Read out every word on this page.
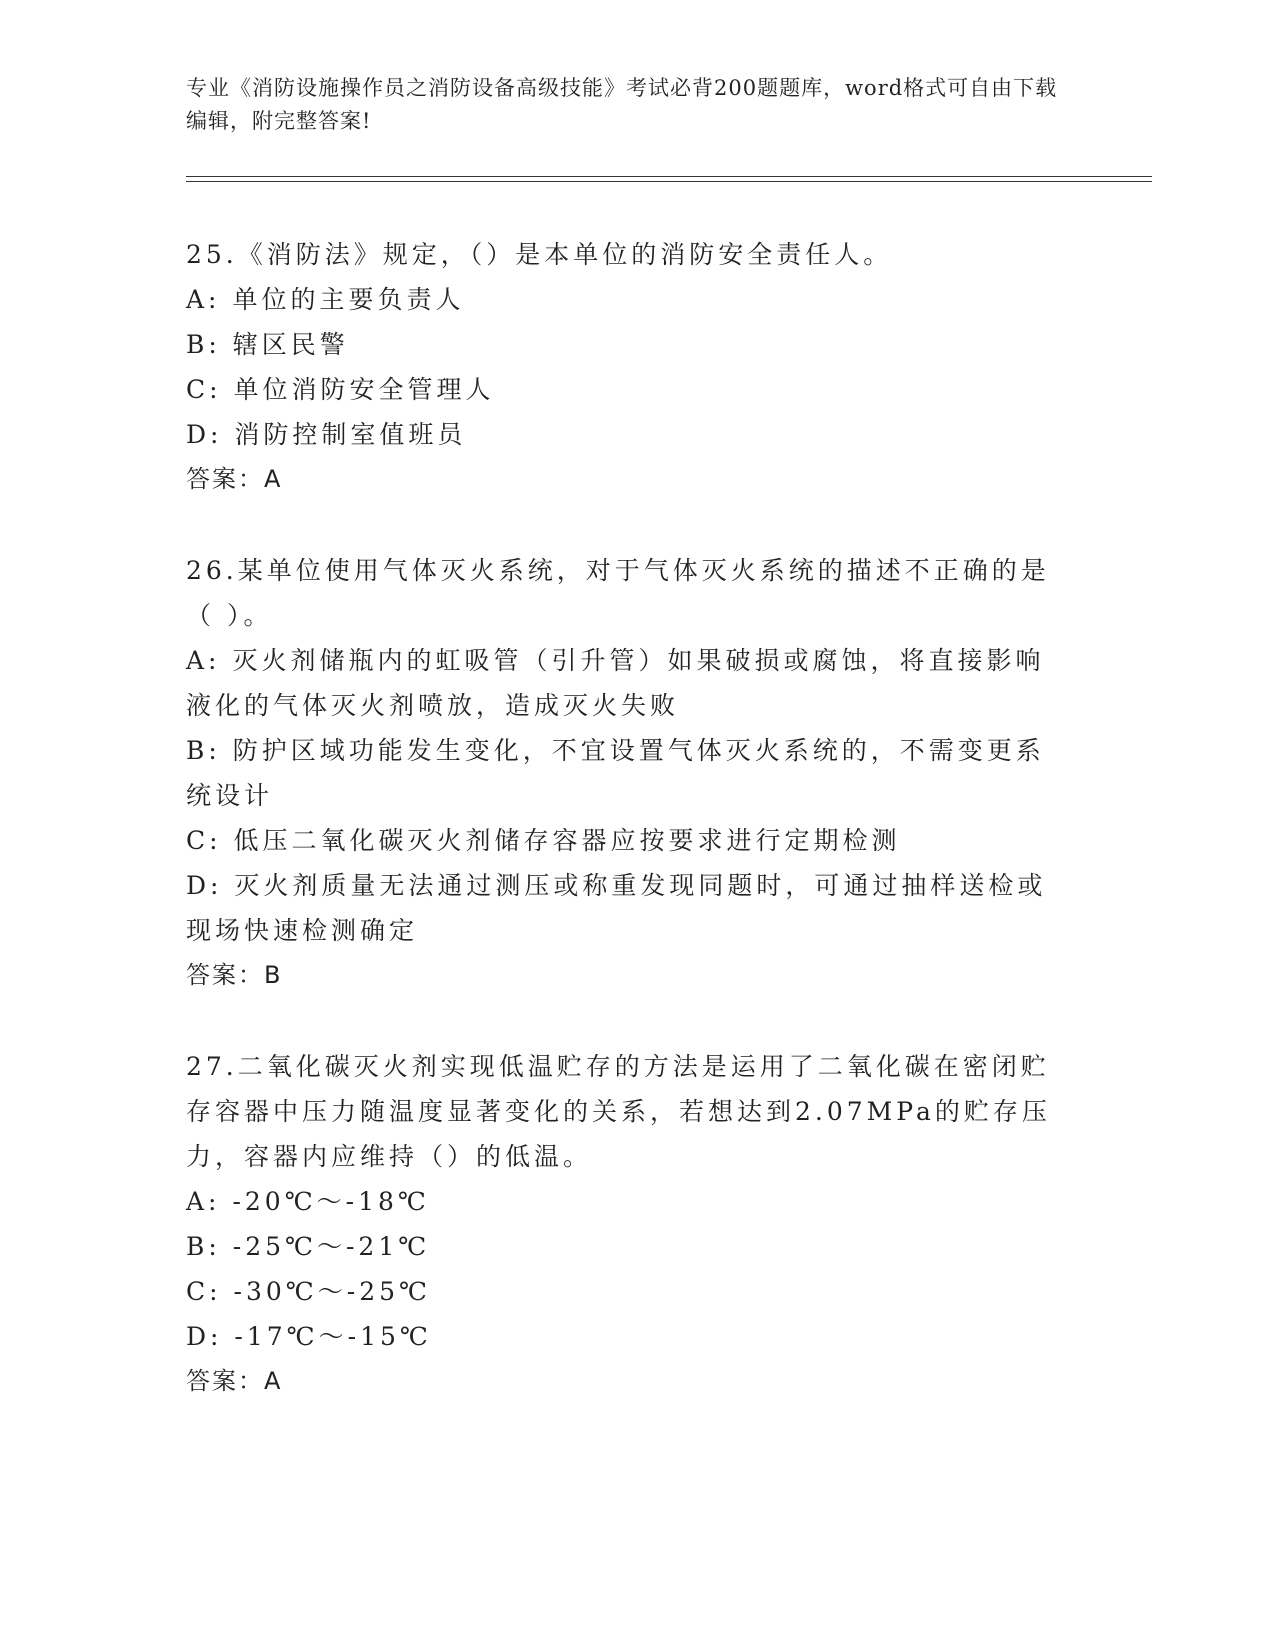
专业《消防设施操作员之消防设备高级技能》考试必背200题题库，word格式可自由下载编辑，附完整答案!

25.《消防法》规定，（）是本单位的消防安全责任人。

A: 单位的主要负责人

B: 辖区民警

C: 单位消防安全管理人

D: 消防控制室值班员

答案：A

26.某单位使用气体灭火系统，对于气体灭火系统的描述不正确的是（ ）。

A: 灭火剂储瓶内的虹吸管（引升管）如果破损或腐蚀，将直接影响液化的气体灭火剂喷放，造成灭火失败

B: 防护区域功能发生变化，不宜设置气体灭火系统的，不需变更系统设计

C: 低压二氧化碳灭火剂储存容器应按要求进行定期检测

D: 灭火剂质量无法通过测压或称重发现同题时，可通过抽样送检或现场快速检测确定

答案：B

27.二氧化碳灭火剂实现低温贮存的方法是运用了二氧化碳在密闭贮存容器中压力随温度显著变化的关系，若想达到2.07MPa的贮存压力，容器内应维持（）的低温。

A: -20℃～-18℃

B: -25℃～-21℃

C: -30℃～-25℃

D: -17℃～-15℃

答案：A
